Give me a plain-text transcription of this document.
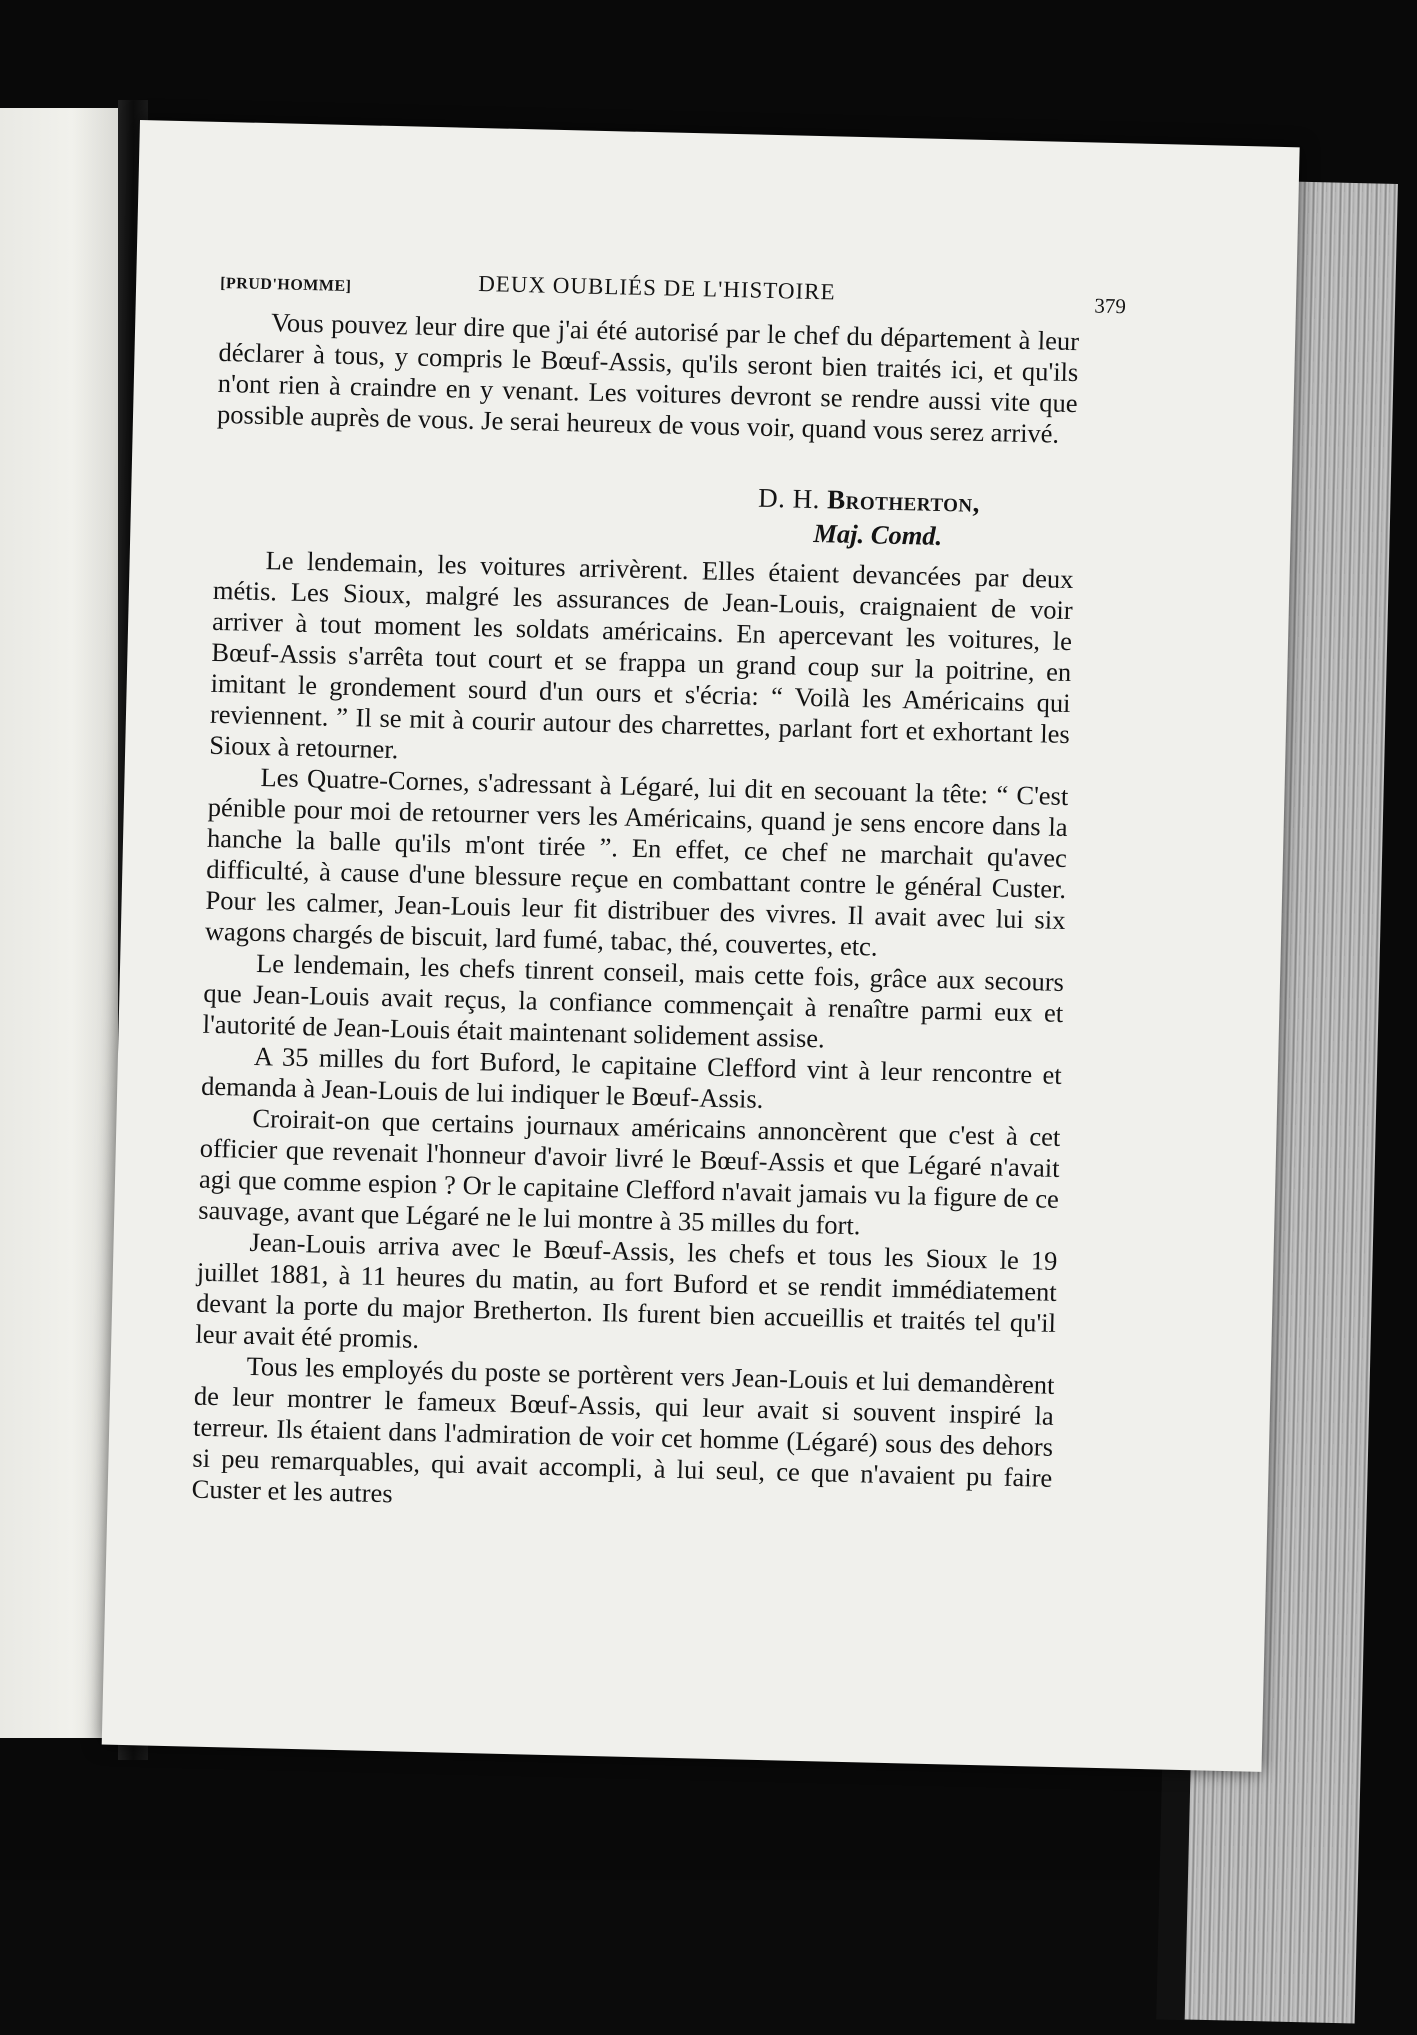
[PRUD'HOMME]	DEUX OUBLIÉS DE L'HISTOIRE
379

Vous pouvez leur dire que j'ai été autorisé par le chef du département à leur déclarer à tous, y compris le Bœuf-Assis, qu'ils seront bien traités ici, et qu'ils n'ont rien à craindre en y venant. Les voitures devront se rendre aussi vite que possible auprès de vous. Je serai heureux de vous voir, quand vous serez arrivé.

D. H. Brotherton,
Maj. Comd.

Le lendemain, les voitures arrivèrent. Elles étaient devancées par deux métis. Les Sioux, malgré les assurances de Jean-Louis, craignaient de voir arriver à tout moment les soldats américains. En apercevant les voitures, le Bœuf-Assis s'arrêta tout court et se frappa un grand coup sur la poitrine, en imitant le grondement sourd d'un ours et s'écria: “ Voilà les Américains qui reviennent. ” Il se mit à courir autour des charrettes, parlant fort et exhortant les Sioux à retourner.

Les Quatre-Cornes, s'adressant à Légaré, lui dit en secouant la tête: “ C'est pénible pour moi de retourner vers les Américains, quand je sens encore dans la hanche la balle qu'ils m'ont tirée ”. En effet, ce chef ne marchait qu'avec difficulté, à cause d'une blessure reçue en combattant contre le général Custer. Pour les calmer, Jean-Louis leur fit distribuer des vivres. Il avait avec lui six wagons chargés de biscuit, lard fumé, tabac, thé, couvertes, etc.

Le lendemain, les chefs tinrent conseil, mais cette fois, grâce aux secours que Jean-Louis avait reçus, la confiance commençait à renaître parmi eux et l'autorité de Jean-Louis était maintenant solidement assise.

A 35 milles du fort Buford, le capitaine Clefford vint à leur rencontre et demanda à Jean-Louis de lui indiquer le Bœuf-Assis.

Croirait-on que certains journaux américains annoncèrent que c'est à cet officier que revenait l'honneur d'avoir livré le Bœuf-Assis et que Légaré n'avait agi que comme espion ? Or le capitaine Clefford n'avait jamais vu la figure de ce sauvage, avant que Légaré ne le lui montre à 35 milles du fort.

Jean-Louis arriva avec le Bœuf-Assis, les chefs et tous les Sioux le 19 juillet 1881, à 11 heures du matin, au fort Buford et se rendit immédiatement devant la porte du major Bretherton. Ils furent bien accueillis et traités tel qu'il leur avait été promis.

Tous les employés du poste se portèrent vers Jean-Louis et lui demandèrent de leur montrer le fameux Bœuf-Assis, qui leur avait si souvent inspiré la terreur. Ils étaient dans l'admiration de voir cet homme (Légaré) sous des dehors si peu remarquables, qui avait accompli, à lui seul, ce que n'avaient pu faire Custer et les autres
